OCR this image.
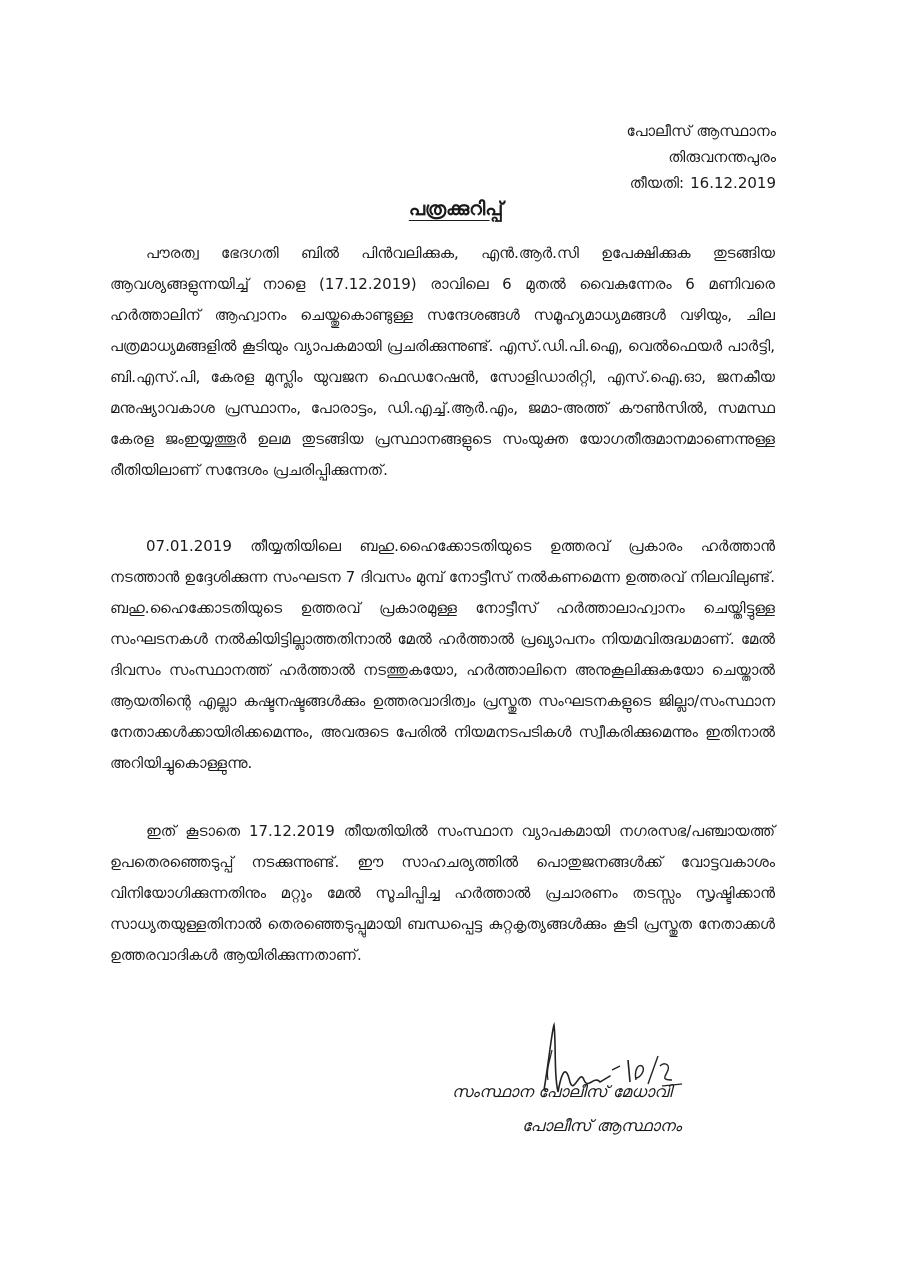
പോലീസ് ആസ്ഥാനം
തിരുവനന്തപുരം
തീയതി: 16.12.2019
പത്രക്കുറിപ്പ്

പൗരത്വ ഭേദഗതി ബിൽ പിൻവലിക്കുക, എൻ.ആർ.സി ഉപേക്ഷിക്കുക തുടങ്ങിയ ആവശ്യങ്ങളുന്നയിച്ച് നാളെ (17.12.2019) രാവിലെ 6 മുതൽ വൈകുന്നേരം 6 മണിവരെ ഹർത്താലിന് ആഹ്വാനം ചെയ്തുകൊണ്ടുള്ള സന്ദേശങ്ങൾ സമൂഹ്യമാധ്യമങ്ങൾ വഴിയും, ചില പത്രമാധ്യമങ്ങളിൽ കൂടിയും വ്യാപകമായി പ്രചരിക്കുന്നുണ്ട്. എസ്.ഡി.പി.ഐ, വെൽഫെയർ പാർട്ടി, ബി.എസ്.പി, കേരള മുസ്ലിം യുവജന ഫെഡറേഷൻ, സോളിഡാരിറ്റി, എസ്.ഐ.ഓ, ജനകീയ മനുഷ്യാവകാശ പ്രസ്ഥാനം, പോരാട്ടം, ഡി.എച്ച്.ആർ.എം, ജമാ-അത്ത് കൗൺസിൽ, സമസ്ഥ കേരള ജംഇയ്യത്തൂർ ഉലമ തുടങ്ങിയ പ്രസ്ഥാനങ്ങളുടെ സംയുക്ത യോഗതീരുമാനമാണെന്നുള്ള രീതിയിലാണ് സന്ദേശം പ്രചരിപ്പിക്കുന്നത്.

07.01.2019 തീയ്യതിയിലെ ബഹു.ഹൈക്കോടതിയുടെ ഉത്തരവ് പ്രകാരം ഹർത്താൻ നടത്താൻ ഉദ്ദേശിക്കുന്ന സംഘടന 7 ദിവസം മുമ്പ് നോട്ടീസ് നൽകണമെന്ന ഉത്തരവ് നിലവിലുണ്ട്. ബഹു.ഹൈക്കോടതിയുടെ ഉത്തരവ് പ്രകാരമുള്ള നോട്ടീസ് ഹർത്താലാഹ്വാനം ചെയ്തിട്ടുള്ള സംഘടനകൾ നൽകിയിട്ടില്ലാത്തതിനാൽ മേൽ ഹർത്താൽ പ്രഖ്യാപനം നിയമവിരുദ്ധമാണ്. മേൽ ദിവസം സംസ്ഥാനത്ത് ഹർത്താൽ നടത്തുകയോ, ഹർത്താലിനെ അനുകൂലിക്കുകയോ ചെയ്താൽ ആയതിന്റെ എല്ലാ കഷ്ടനഷ്ടങ്ങൾക്കും ഉത്തരവാദിത്വം പ്രസ്തുത സംഘടനകളുടെ ജില്ലാ/സംസ്ഥാന നേതാക്കൾക്കായിരിക്കമെന്നും, അവരുടെ പേരിൽ നിയമനടപടികൾ സ്വീകരിക്കുമെന്നും ഇതിനാൽ അറിയിച്ചുകൊള്ളുന്നു.

ഇത് കൂടാതെ 17.12.2019 തീയതിയിൽ സംസ്ഥാന വ്യാപകമായി നഗരസഭ/പഞ്ചായത്ത് ഉപതെരഞ്ഞെടുപ്പ് നടക്കുന്നുണ്ട്. ഈ സാഹചര്യത്തിൽ പൊതുജനങ്ങൾക്ക് വോട്ടവകാശം വിനിയോഗിക്കുന്നതിനും മറ്റും മേൽ സൂചിപ്പിച്ച ഹർത്താൽ പ്രചാരണം തടസ്സം സൃഷ്ടിക്കാൻ സാധ്യതയുള്ളതിനാൽ തെരഞ്ഞെടുപ്പുമായി ബന്ധപ്പെട്ട കുറ്റകൃത്യങ്ങൾക്കും കൂടി പ്രസ്തുത നേതാക്കൾ ഉത്തരവാദികൾ ആയിരിക്കുന്നതാണ്.

സംസ്ഥാന പോലീസ് മേധാവി
പോലീസ് ആസ്ഥാനം
